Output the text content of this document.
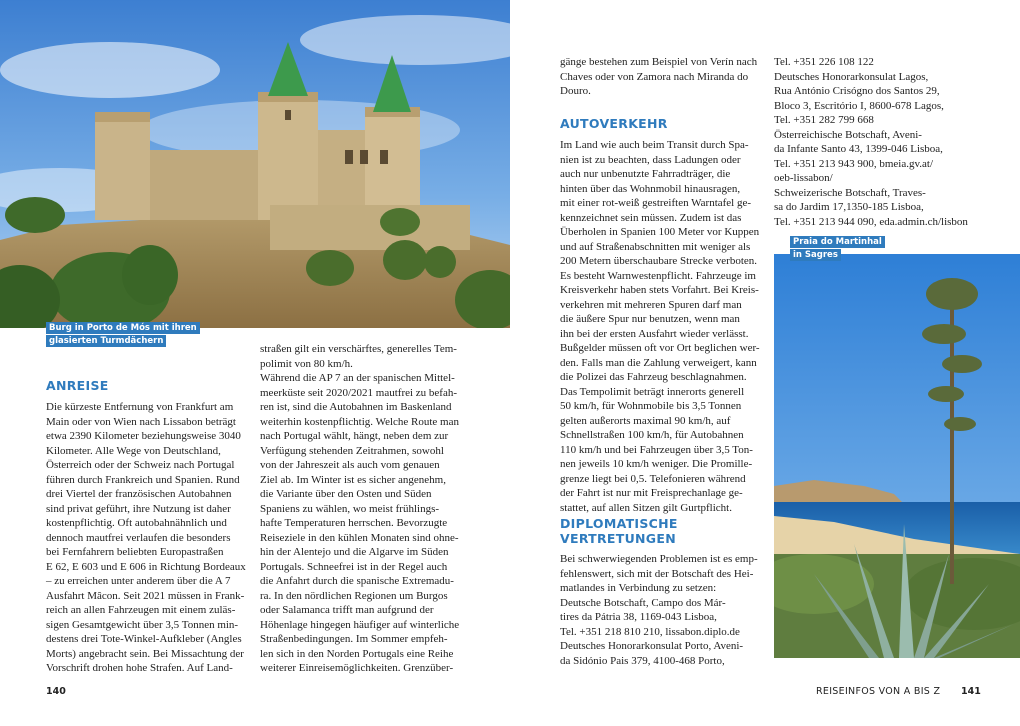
Burg in Porto de Mós mit ihren
glasierten Turmdächern
ANREISE
Die kürzeste Entfernung von Frankfurt am
Main oder von Wien nach Lissabon beträgt
etwa 2390 Kilometer beziehungsweise 3040
Kilometer. Alle Wege von Deutschland,
Österreich oder der Schweiz nach Portugal
führen durch Frankreich und Spanien. Rund
drei Viertel der französischen Autobahnen
sind privat geführt, ihre Nutzung ist daher
kostenpflichtig. Oft autobahnähnlich und
dennoch mautfrei verlaufen die besonders
bei Fernfahrern beliebten Europastraßen
E 62, E 603 und E 606 in Richtung Bordeaux
– zu erreichen unter anderem über die A 7
Ausfahrt Mâcon. Seit 2021 müssen in Frank-
reich an allen Fahrzeugen mit einem zuläs-
sigen Gesamtgewicht über 3,5 Tonnen min-
destens drei Tote-Winkel-Aufkleber (Angles
Morts) angebracht sein. Bei Missachtung der
Vorschrift drohen hohe Strafen. Auf Land-
straßen gilt ein verschärftes, generelles Tem-
polimit von 80 km/h.
Während die AP 7 an der spanischen Mittel-
meerküste seit 2020/2021 mautfrei zu befah-
ren ist, sind die Autobahnen im Baskenland
weiterhin kostenpflichtig. Welche Route man
nach Portugal wählt, hängt, neben dem zur
Verfügung stehenden Zeitrahmen, sowohl
von der Jahreszeit als auch vom genauen
Ziel ab. Im Winter ist es sicher angenehm,
die Variante über den Osten und Süden
Spaniens zu wählen, wo meist frühlings-
hafte Temperaturen herrschen. Bevorzugte
Reiseziele in den kühlen Monaten sind ohne-
hin der Alentejo und die Algarve im Süden
Portugals. Schneefrei ist in der Regel auch
die Anfahrt durch die spanische Extremadu-
ra. In den nördlichen Regionen um Burgos
oder Salamanca trifft man aufgrund der
Höhenlage hingegen häufiger auf winterliche
Straßenbedingungen. Im Sommer empfeh-
len sich in den Norden Portugals eine Reihe
weiterer Einreisemöglichkeiten. Grenzüber-
140
gänge bestehen zum Beispiel von Verín nach
Chaves oder von Zamora nach Miranda do
Douro.
AUTOVERKEHR
Im Land wie auch beim Transit durch Spa-
nien ist zu beachten, dass Ladungen oder
auch nur unbenutzte Fahrradträger, die
hinten über das Wohnmobil hinausragen,
mit einer rot-weiß gestreiften Warntafel ge-
kennzeichnet sein müssen. Zudem ist das
Überholen in Spanien 100 Meter vor Kuppen
und auf Straßenabschnitten mit weniger als
200 Metern überschaubare Strecke verboten.
Es besteht Warnwestenpflicht. Fahrzeuge im
Kreisverkehr haben stets Vorfahrt. Bei Kreis-
verkehren mit mehreren Spuren darf man
die äußere Spur nur benutzen, wenn man
ihn bei der ersten Ausfahrt wieder verlässt.
Bußgelder müssen oft vor Ort beglichen wer-
den. Falls man die Zahlung verweigert, kann
die Polizei das Fahrzeug beschlagnahmen.
Das Tempolimit beträgt innerorts generell
50 km/h, für Wohnmobile bis 3,5 Tonnen
gelten außerorts maximal 90 km/h, auf
Schnellstraßen 100 km/h, für Autobahnen
110 km/h und bei Fahrzeugen über 3,5 Ton-
nen jeweils 10 km/h weniger. Die Promille-
grenze liegt bei 0,5. Telefonieren während
der Fahrt ist nur mit Freisprechanlage ge-
stattet, auf allen Sitzen gilt Gurtpflicht.
DIPLOMATISCHE
VERTRETUNGEN
Bei schwerwiegenden Problemen ist es emp-
fehlenswert, sich mit der Botschaft des Hei-
matlandes in Verbindung zu setzen:
Deutsche Botschaft, Campo dos Már-
tires da Pátria 38, 1169-043 Lisboa,
Tel. +351 218 810 210, lissabon.diplo.de
Deutsches Honorarkonsulat Porto, Aveni-
da Sidónio Pais 379, 4100-468 Porto,
Tel. +351 226 108 122
Deutsches Honorarkonsulat Lagos,
Rua António Crisógno dos Santos 29,
Bloco 3, Escritório I, 8600-678 Lagos,
Tel. +351 282 799 668
Österreichische Botschaft, Aveni-
da Infante Santo 43, 1399-046 Lisboa,
Tel. +351 213 943 900, bmeia.gv.at/
oeb-lissabon/
Schweizerische Botschaft, Traves-
sa do Jardim 17,1350-185 Lisboa,
Tel. +351 213 944 090, eda.admin.ch/lisbon
Praia do Martinhal
in Sagres
REISEINFOS VON A BIS Z 141
